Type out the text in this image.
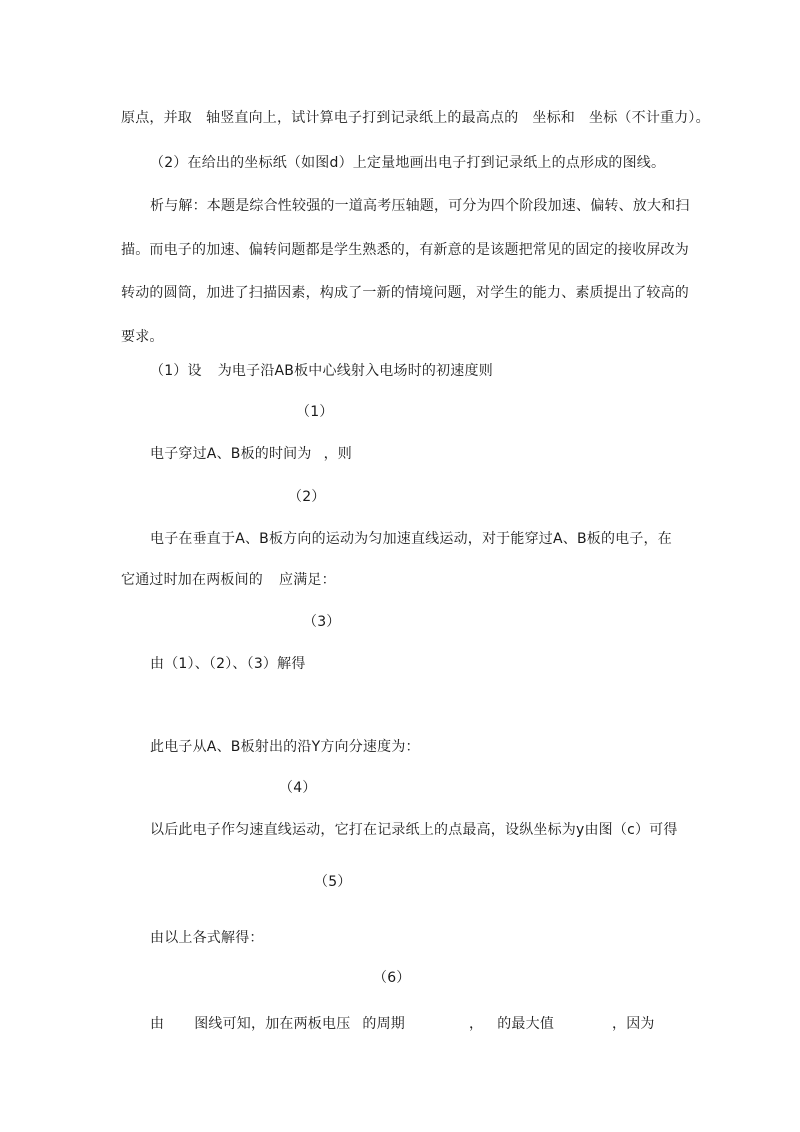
原点，并取 轴竖直向上，试计算电子打到记录纸上的最高点的 坐标和 坐标（不计重力）。
（2）在给出的坐标纸（如图d）上定量地画出电子打到记录纸上的点形成的图线。
析与解：本题是综合性较强的一道高考压轴题，可分为四个阶段加速、偏转、放大和扫
描。而电子的加速、偏转问题都是学生熟悉的，有新意的是该题把常见的固定的接收屏改为
转动的圆筒，加进了扫描因素，构成了一新的情境问题，对学生的能力、素质提出了较高的
要求。
（1）设 为电子沿AB板中心线射入电场时的初速度则
（1）
电子穿过A、B板的时间为 ，则
（2）
电子在垂直于A、B板方向的运动为匀加速直线运动，对于能穿过A、B板的电子，在
它通过时加在两板间的 应满足：
（3）
由（1）、（2）、（3）解得
此电子从A、B板射出的沿Y方向分速度为：
（4）
以后此电子作匀速直线运动，它打在记录纸上的点最高，设纵坐标为y由图（c）可得
（5）
由以上各式解得：
（6）
由 图线可知，加在两板电压 的周期	， 的最大值	，因为
